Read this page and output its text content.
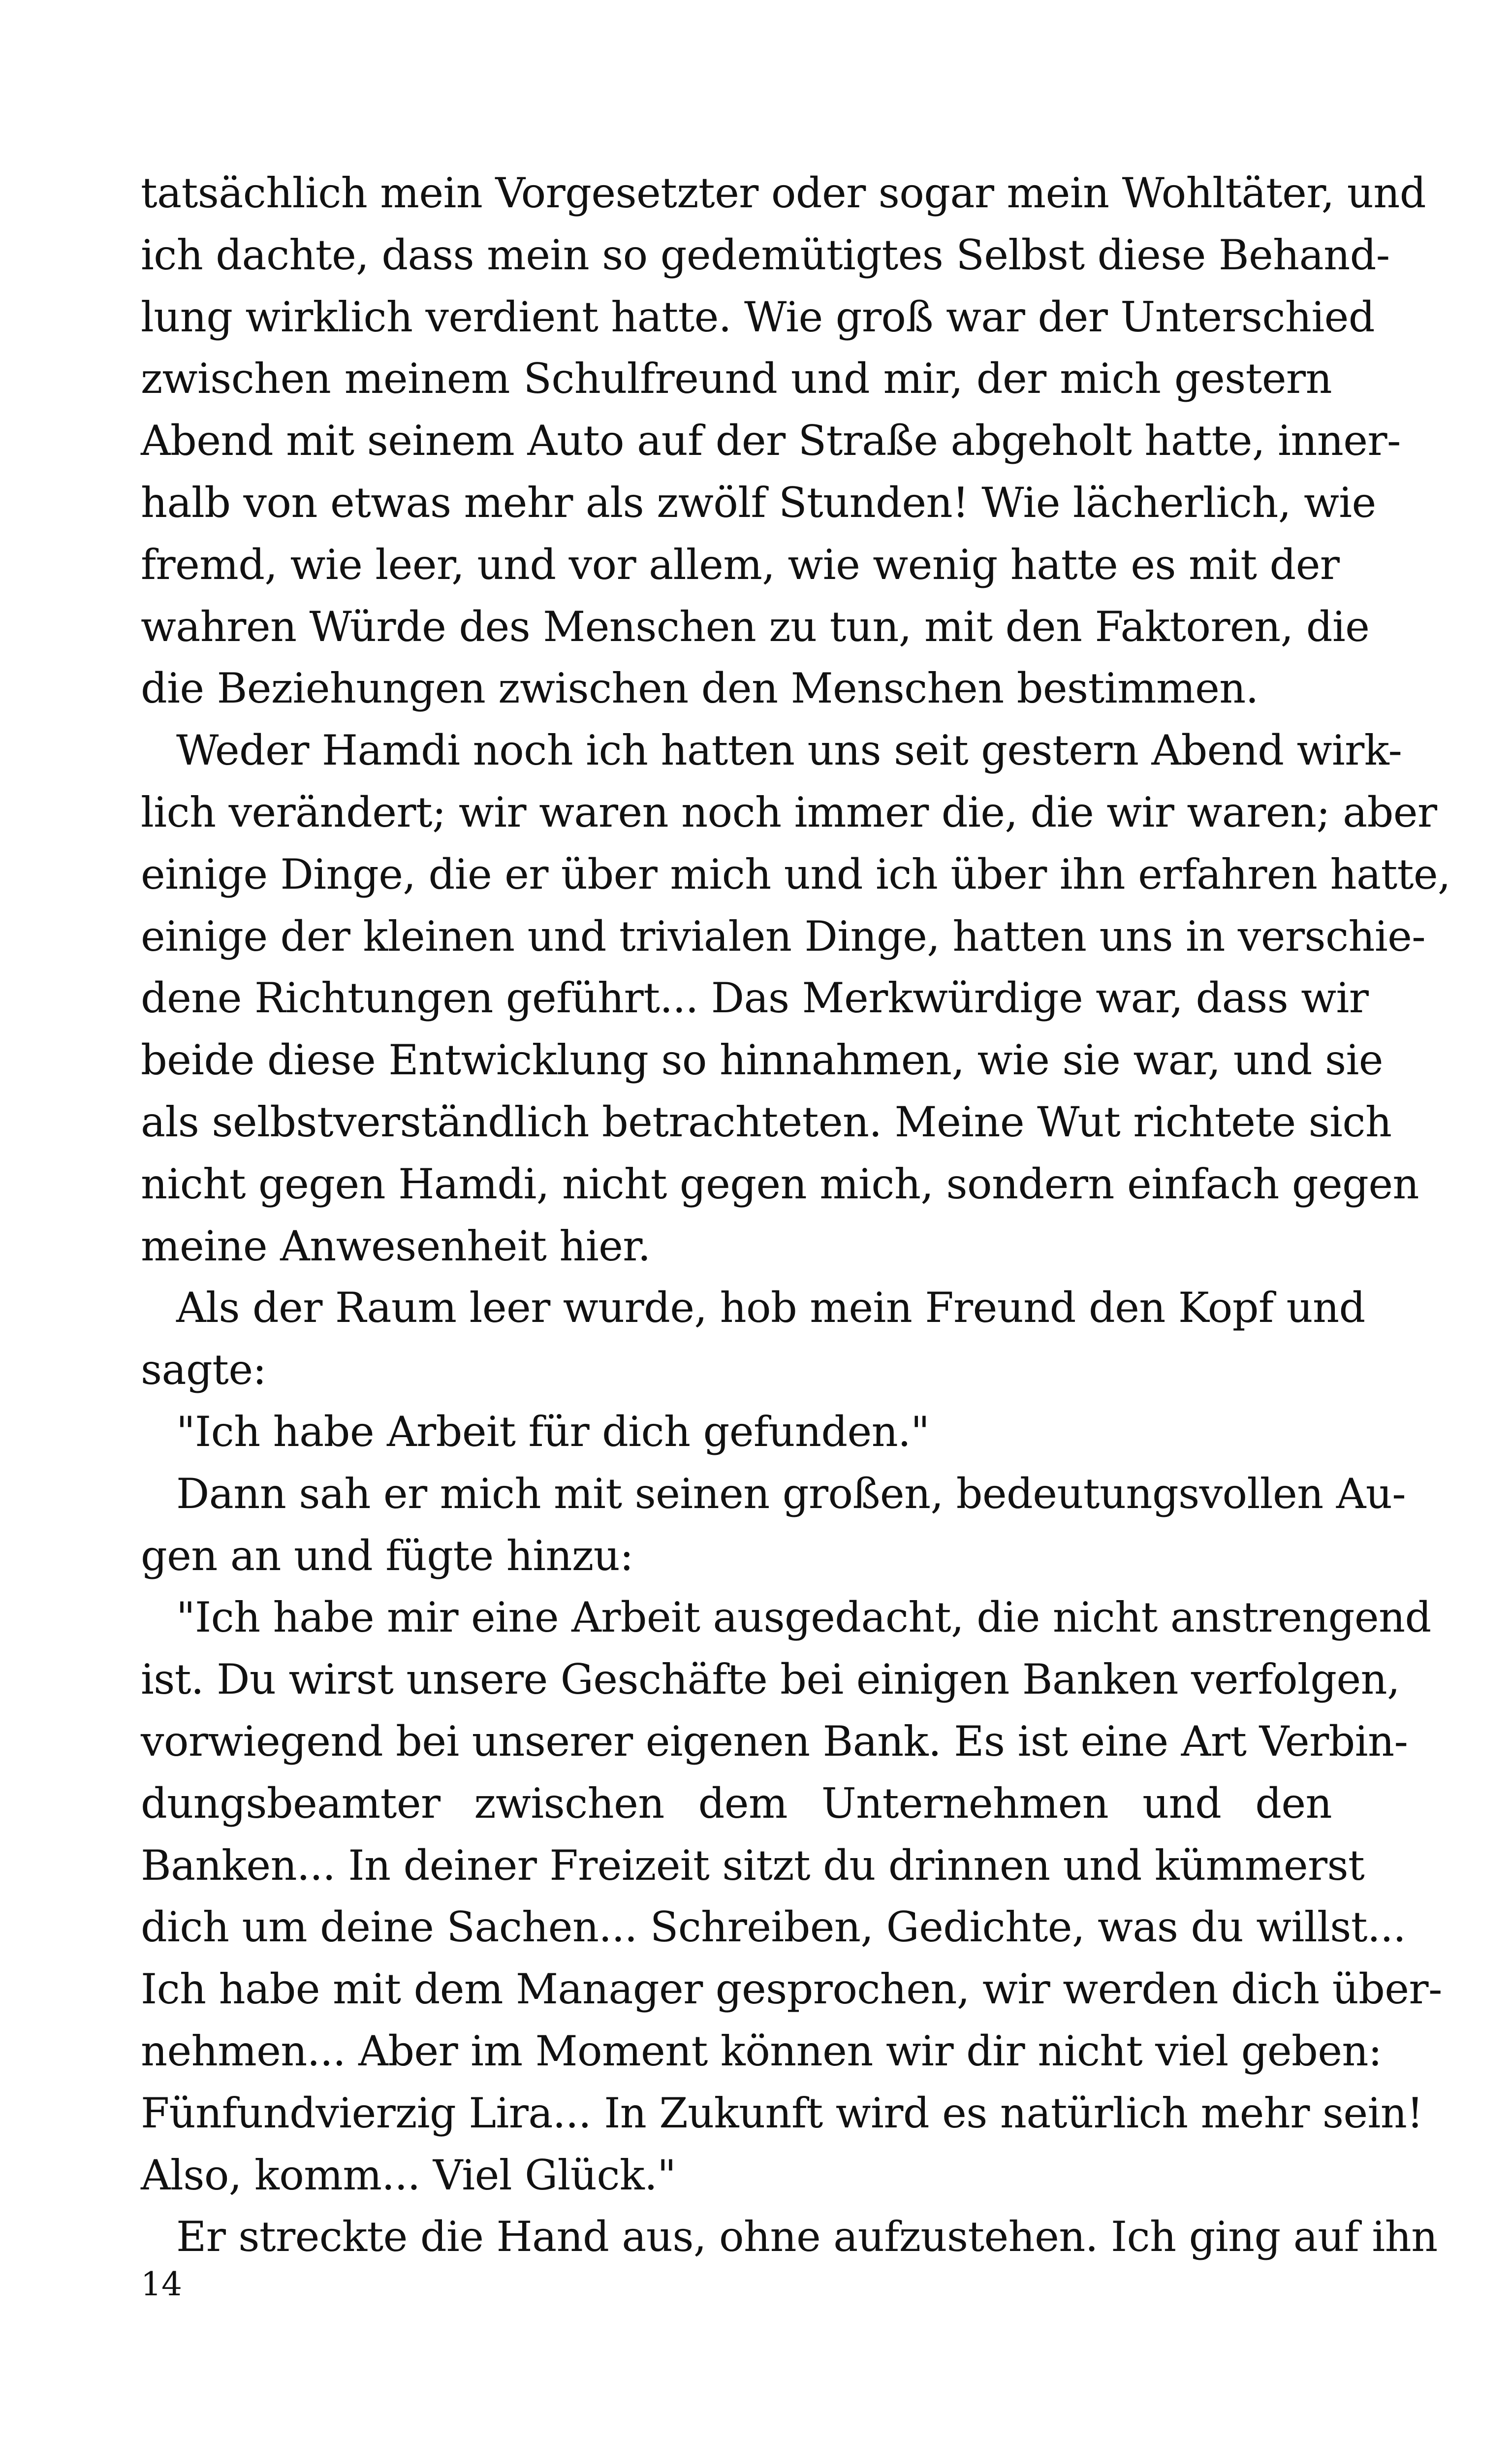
tatsächlich mein Vorgesetzter oder sogar mein Wohltäter, und
ich dachte, dass mein so gedemütigtes Selbst diese Behand-
lung wirklich verdient hatte. Wie groß war der Unterschied
zwischen meinem Schulfreund und mir, der mich gestern
Abend mit seinem Auto auf der Straße abgeholt hatte, inner-
halb von etwas mehr als zwölf Stunden! Wie lächerlich, wie
fremd, wie leer, und vor allem, wie wenig hatte es mit der
wahren Würde des Menschen zu tun, mit den Faktoren, die
die Beziehungen zwischen den Menschen bestimmen.
Weder Hamdi noch ich hatten uns seit gestern Abend wirk-
lich verändert; wir waren noch immer die, die wir waren; aber
einige Dinge, die er über mich und ich über ihn erfahren hatte,
einige der kleinen und trivialen Dinge, hatten uns in verschie-
dene Richtungen geführt... Das Merkwürdige war, dass wir
beide diese Entwicklung so hinnahmen, wie sie war, und sie
als selbstverständlich betrachteten. Meine Wut richtete sich
nicht gegen Hamdi, nicht gegen mich, sondern einfach gegen
meine Anwesenheit hier.
Als der Raum leer wurde, hob mein Freund den Kopf und
sagte:
"Ich habe Arbeit für dich gefunden."
Dann sah er mich mit seinen großen, bedeutungsvollen Au-
gen an und fügte hinzu:
"Ich habe mir eine Arbeit ausgedacht, die nicht anstrengend
ist. Du wirst unsere Geschäfte bei einigen Banken verfolgen,
vorwiegend bei unserer eigenen Bank. Es ist eine Art Verbin-
dungsbeamter zwischen dem Unternehmen und den
Banken... In deiner Freizeit sitzt du drinnen und kümmerst
dich um deine Sachen... Schreiben, Gedichte, was du willst...
Ich habe mit dem Manager gesprochen, wir werden dich über-
nehmen... Aber im Moment können wir dir nicht viel geben:
Fünfundvierzig Lira... In Zukunft wird es natürlich mehr sein!
Also, komm... Viel Glück."
Er streckte die Hand aus, ohne aufzustehen. Ich ging auf ihn
14
